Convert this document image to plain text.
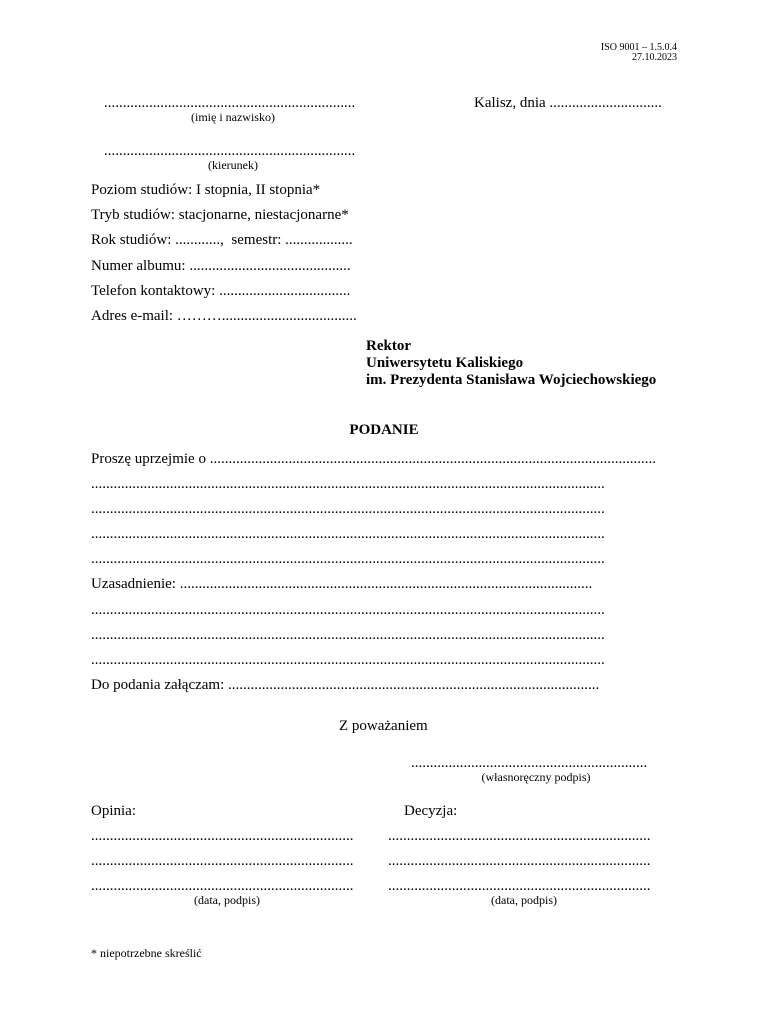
ISO 9001 – 1.5.0.4
27.10.2023
...................................................................
(imię i nazwisko)
Kalisz, dnia ..............................
...................................................................
(kierunek)
Poziom studiów: I stopnia, II stopnia*
Tryb studiów: stacjonarne, niestacjonarne*
Rok studiów: ............,  semestr: ..................
Numer albumu: ...........................................
Telefon kontaktowy: ...................................
Adres e-mail: ………....................................
Rektor
Uniwersytetu Kaliskiego
im. Prezydenta Stanisława Wojciechowskiego
PODANIE
Proszę uprzejmie o .......................................................................................................................
.........................................................................................................................................
.........................................................................................................................................
.........................................................................................................................................
.........................................................................................................................................
Uzasadnienie: ..............................................................................................................
.........................................................................................................................................
.........................................................................................................................................
.........................................................................................................................................
Do podania załączam: ...................................................................................................
Z poważaniem
...............................................................
(własnoręczny podpis)
Opinia:
......................................................................
......................................................................
......................................................................
(data, podpis)
Decyzja:
......................................................................
......................................................................
......................................................................
(data, podpis)
* niepotrzebne skreślić
